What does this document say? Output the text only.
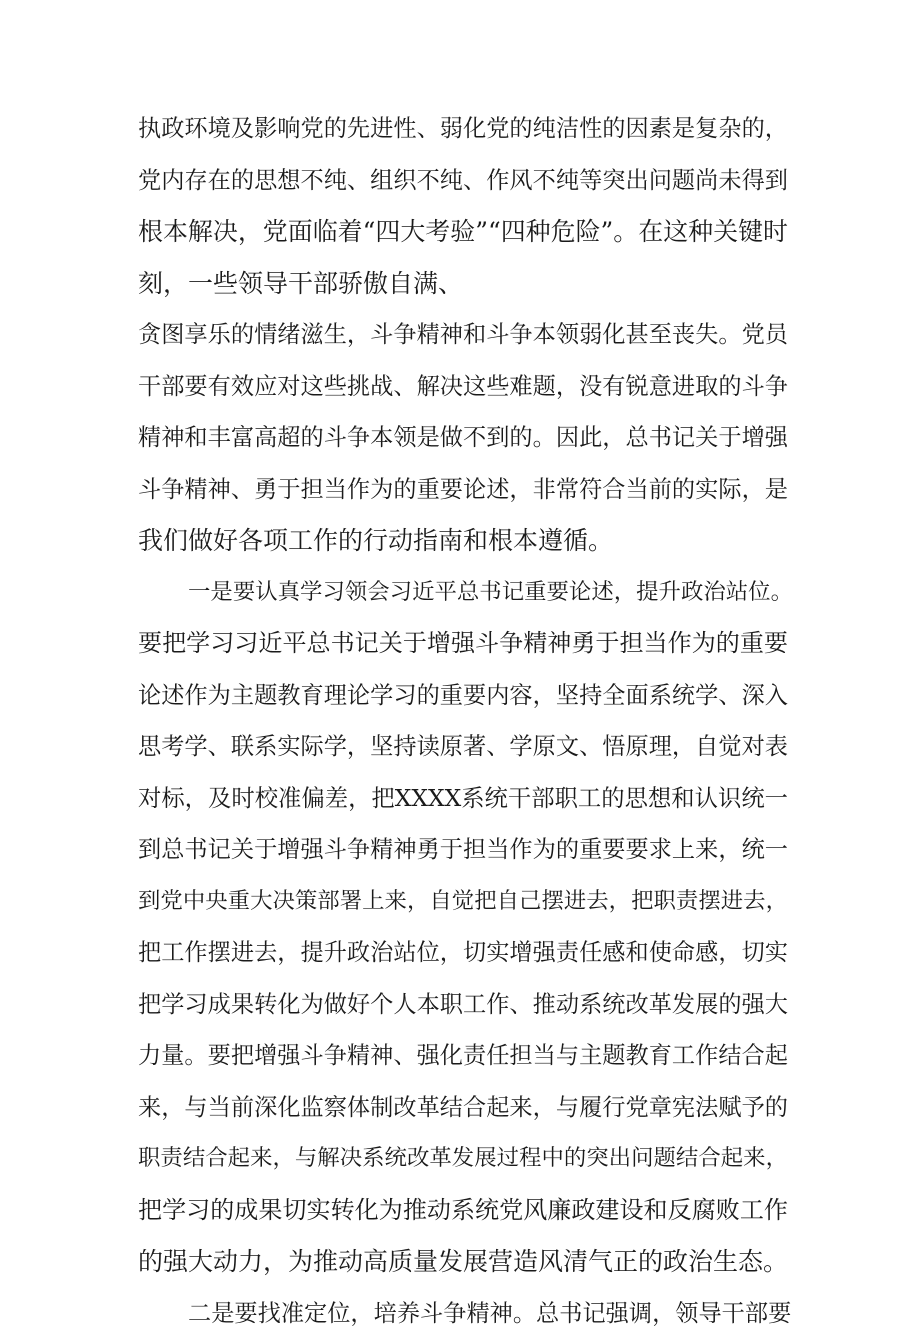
执政环境及影响党的先进性、弱化党的纯洁性的因素是复杂的，
党内存在的思想不纯、组织不纯、作风不纯等突出问题尚未得到
根本解决，党面临着“四大考验”“四种危险”。在这种关键时
刻，一些领导干部骄傲自满、
贪图享乐的情绪滋生，斗争精神和斗争本领弱化甚至丧失。党员
干部要有效应对这些挑战、解决这些难题，没有锐意进取的斗争
精神和丰富高超的斗争本领是做不到的。因此，总书记关于增强
斗争精神、勇于担当作为的重要论述，非常符合当前的实际，是
我们做好各项工作的行动指南和根本遵循。
一是要认真学习领会习近平总书记重要论述，提升政治站位。
要把学习习近平总书记关于增强斗争精神勇于担当作为的重要
论述作为主题教育理论学习的重要内容，坚持全面系统学、深入
思考学、联系实际学，坚持读原著、学原文、悟原理，自觉对表
对标，及时校准偏差，把XXXX系统干部职工的思想和认识统一
到总书记关于增强斗争精神勇于担当作为的重要要求上来，统一
到党中央重大决策部署上来，自觉把自己摆进去，把职责摆进去，
把工作摆进去，提升政治站位，切实增强责任感和使命感，切实
把学习成果转化为做好个人本职工作、推动系统改革发展的强大
力量。要把增强斗争精神、强化责任担当与主题教育工作结合起
来，与当前深化监察体制改革结合起来，与履行党章宪法赋予的
职责结合起来，与解决系统改革发展过程中的突出问题结合起来，
把学习的成果切实转化为推动系统党风廉政建设和反腐败工作
的强大动力，为推动高质量发展营造风清气正的政治生态。
二是要找准定位，培养斗争精神。总书记强调，领导干部要
